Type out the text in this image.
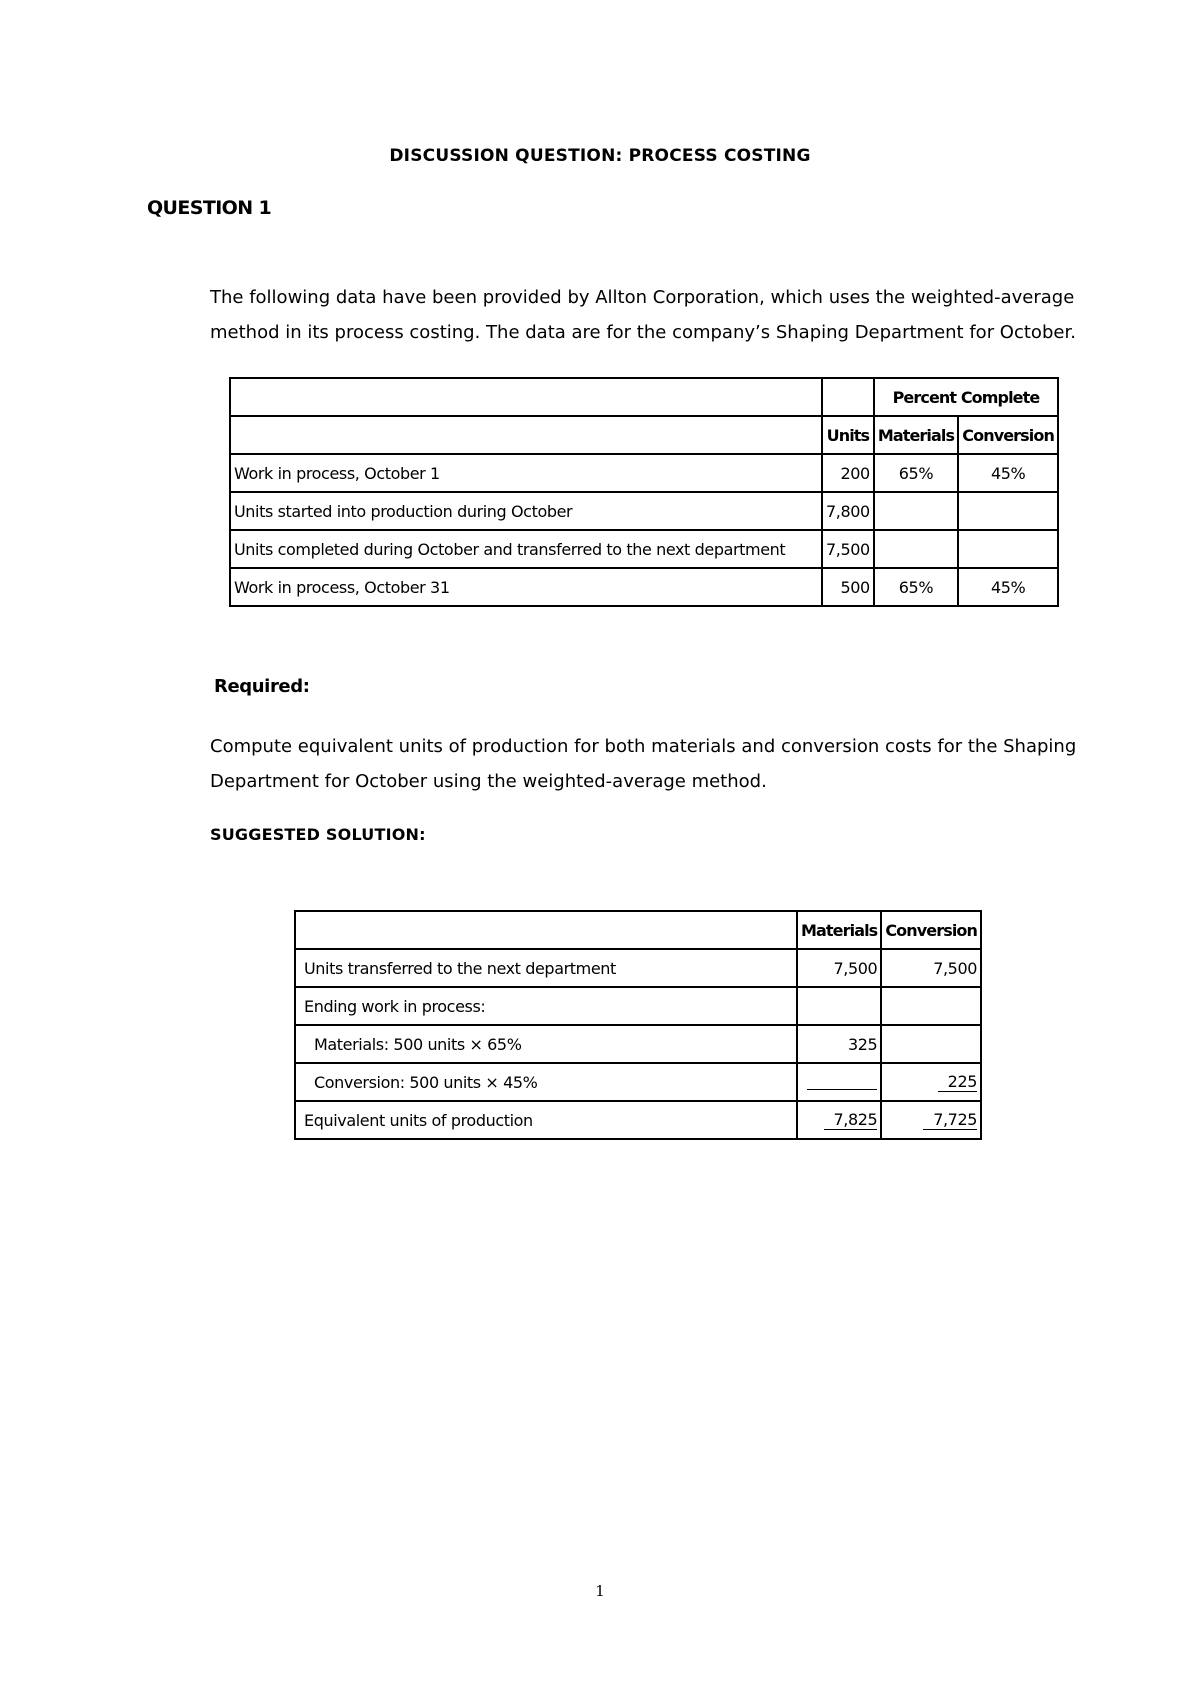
DISCUSSION QUESTION: PROCESS COSTING
QUESTION 1
The following data have been provided by Allton Corporation, which uses the weighted-average method in its process costing. The data are for the company’s Shaping Department for October.
		Percent Complete	
	Units	Materials	Conversion
Work in process, October 1	200	65%	45%
Units started into production during October	7,800		
Units completed during October and transferred to the next department	7,500		
Work in process, October 31	500	65%	45%
Required:
Compute equivalent units of production for both materials and conversion costs for the Shaping Department for October using the weighted-average method.
SUGGESTED SOLUTION:
	Materials	Conversion
Units transferred to the next department	7,500	7,500
Ending work in process:		
Materials: 500 units × 65%	325	
Conversion: 500 units × 45%		225
Equivalent units of production	7,825	7,725
1
